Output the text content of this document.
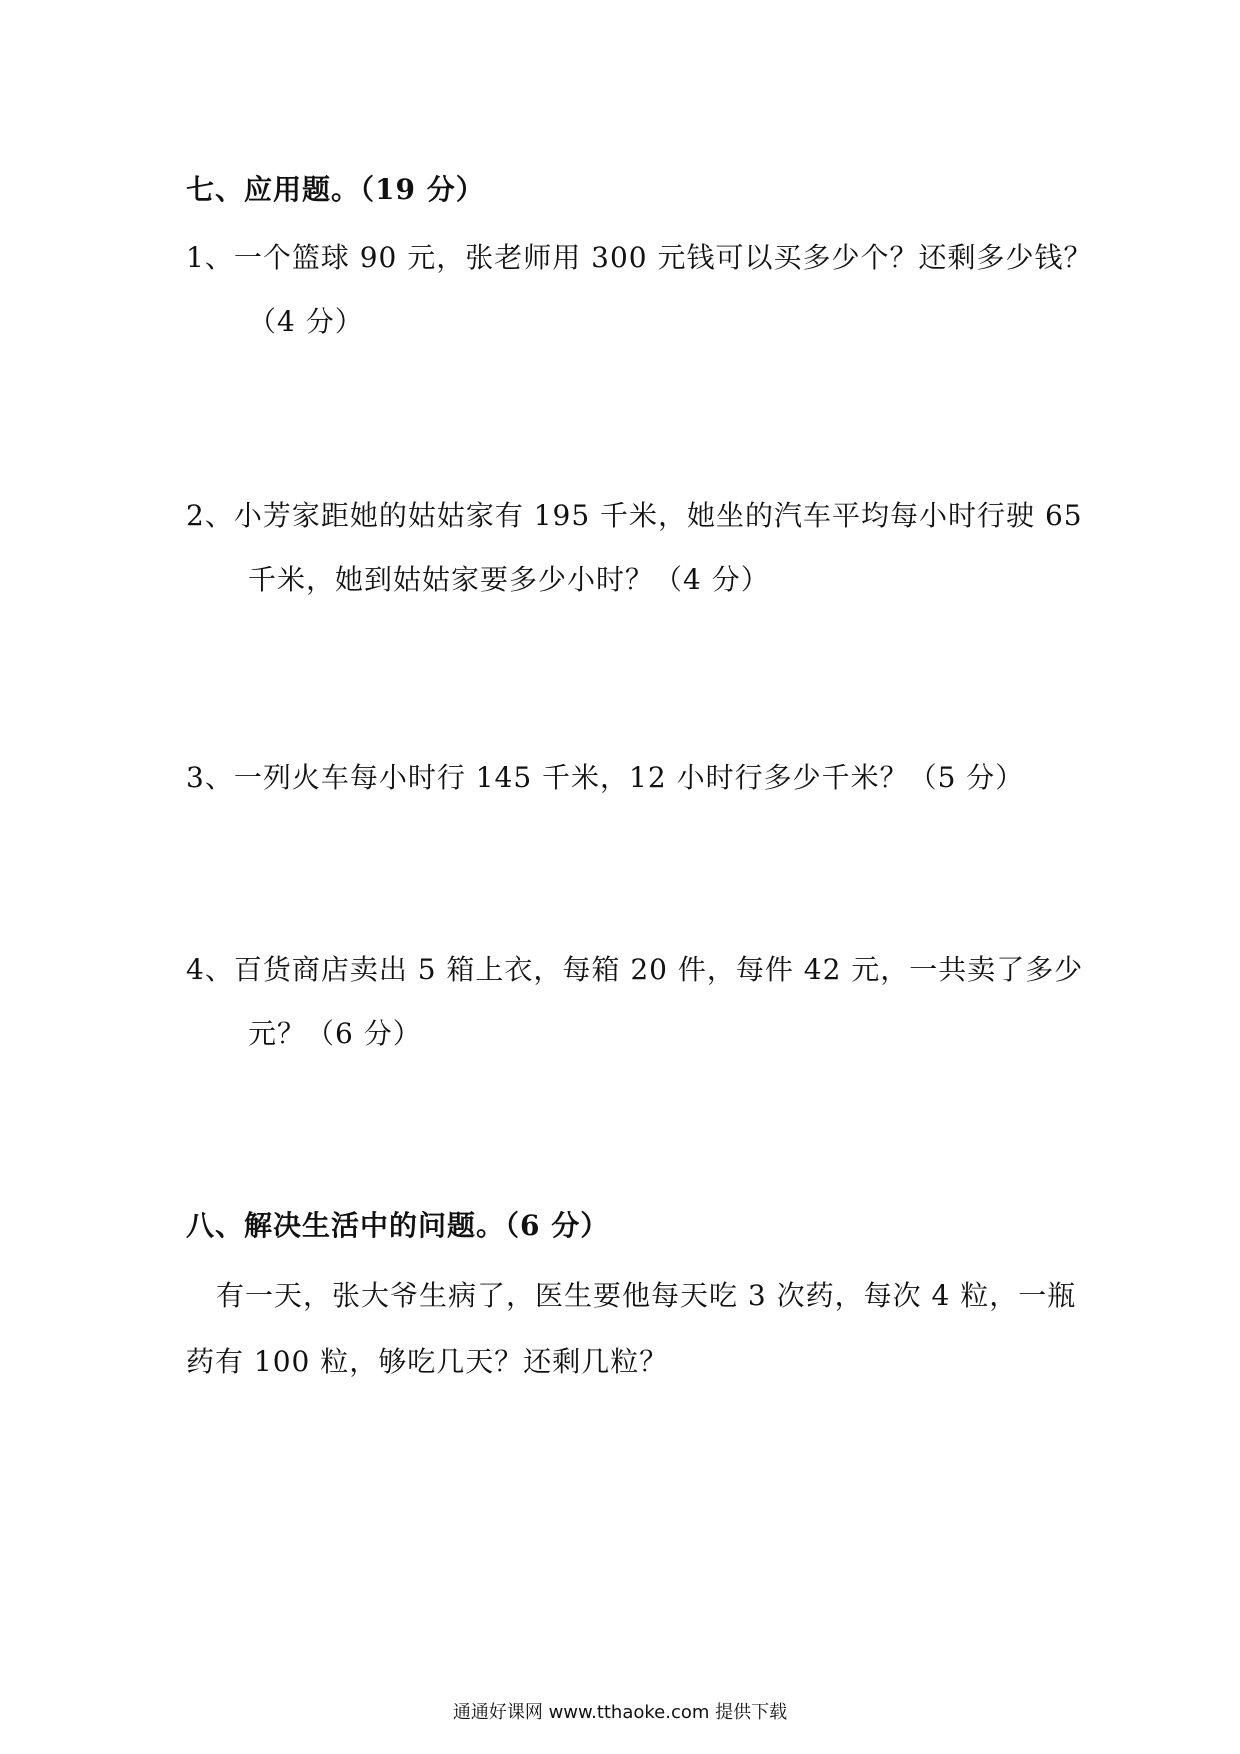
七、应用题。（19 分）
1、一个篮球 90 元，张老师用 300 元钱可以买多少个？还剩多少钱？
（4 分）
2、小芳家距她的姑姑家有 195 千米，她坐的汽车平均每小时行驶 65
千米，她到姑姑家要多少小时？（4 分）
3、一列火车每小时行 145 千米，12 小时行多少千米？（5 分）
4、百货商店卖出 5 箱上衣，每箱 20 件，每件 42 元，一共卖了多少
元？（6 分）
八、解决生活中的问题。（6 分）
有一天，张大爷生病了，医生要他每天吃 3 次药，每次 4 粒，一瓶
药有 100 粒，够吃几天？还剩几粒？
通通好课网 www.tthaoke.com 提供下载
